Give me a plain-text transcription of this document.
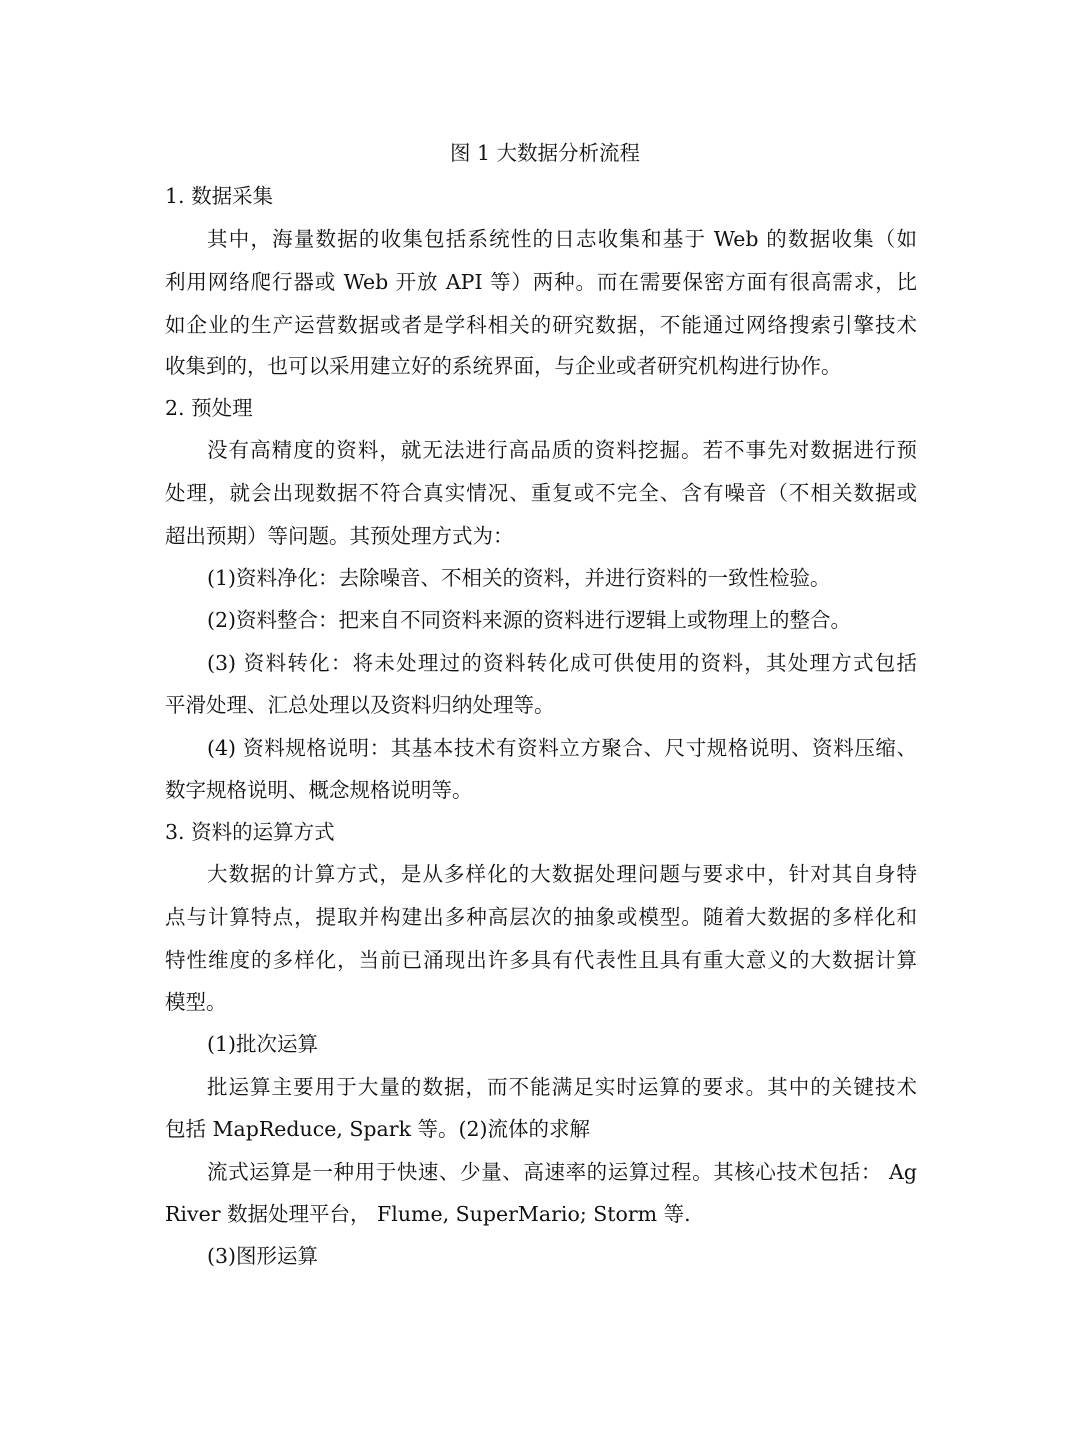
图 1 大数据分析流程
1. 数据采集
其中，海量数据的收集包括系统性的日志收集和基于 Web 的数据收集（如
利用网络爬行器或 Web 开放 API 等）两种。而在需要保密方面有很高需求，比
如企业的生产运营数据或者是学科相关的研究数据，不能通过网络搜索引擎技术
收集到的，也可以采用建立好的系统界面，与企业或者研究机构进行协作。
2. 预处理
没有高精度的资料，就无法进行高品质的资料挖掘。若不事先对数据进行预
处理，就会出现数据不符合真实情况、重复或不完全、含有噪音（不相关数据或
超出预期）等问题。其预处理方式为：
(1)资料净化：去除噪音、不相关的资料，并进行资料的一致性检验。
(2)资料整合：把来自不同资料来源的资料进行逻辑上或物理上的整合。
(3) 资料转化：将未处理过的资料转化成可供使用的资料，其处理方式包括
平滑处理、汇总处理以及资料归纳处理等。
(4) 资料规格说明：其基本技术有资料立方聚合、尺寸规格说明、资料压缩、
数字规格说明、概念规格说明等。
3. 资料的运算方式
大数据的计算方式，是从多样化的大数据处理问题与要求中，针对其自身特
点与计算特点，提取并构建出多种高层次的抽象或模型。随着大数据的多样化和
特性维度的多样化，当前已涌现出许多具有代表性且具有重大意义的大数据计算
模型。
(1)批次运算
批运算主要用于大量的数据，而不能满足实时运算的要求。其中的关键技术
包括 MapReduce, Spark 等。(2)流体的求解
流式运算是一种用于快速、少量、高速率的运算过程。其核心技术包括： Ag
River 数据处理平台， Flume, SuperMario; Storm 等.
(3)图形运算
